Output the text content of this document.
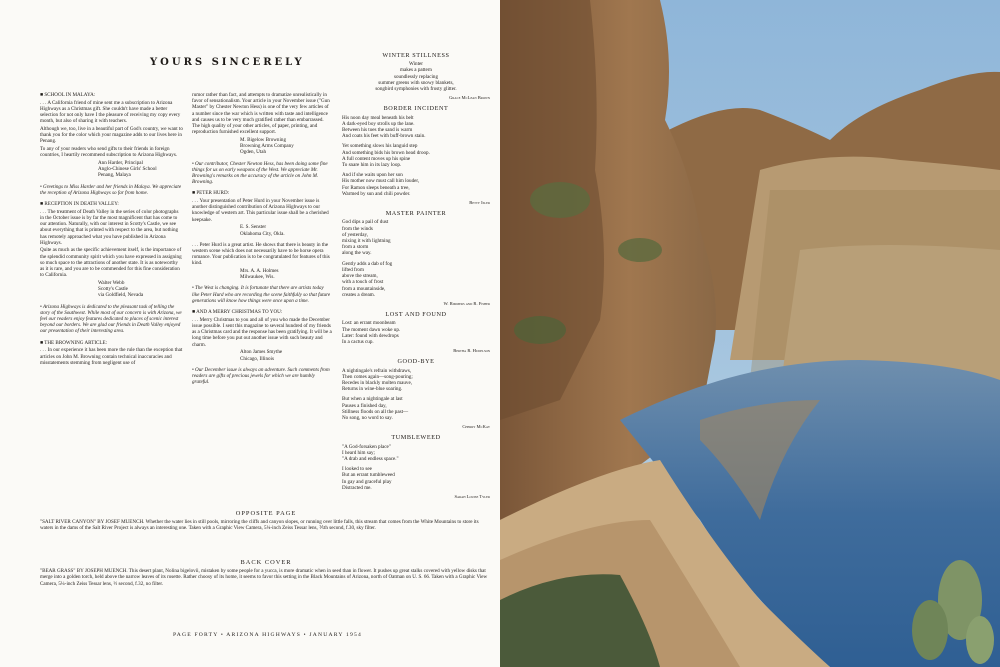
YOURS SINCERELY

■ SCHOOL IN MALAYA:

. . . A California friend of mine sent me a subscription to Arizona Highways as a Christmas gift. She couldn't have made a better selection for not only have I the pleasure of receiving my copy every month, but also of sharing it with teachers.

Although we, too, live in a beautiful part of God's country, we want to thank you for the color which your magazine adds to our lives here in Penang.

To any of your readers who send gifts to their friends in foreign countries, I heartily recommend subscription to Arizona Highways.

Ann Harder, Principal

Anglo-Chinese Girls' School

Penang, Malaya

• Greetings to Miss Harder and her friends in Malaya. We appreciate the reception of Arizona Highways so far from home.

■ RECEPTION IN DEATH VALLEY:

. . . The treatment of Death Valley in the series of color photographs in the October issue is by far the most magnificent that has come to our attention. Naturally, with our interest in Scotty's Castle, we see about everything that is printed with respect to the area, but nothing has remotely approached what you have published in Arizona Highways.

Quite as much as the specific achievement itself, is the importance of the splendid community spirit which you have expressed in assigning so much space to the attractions of another state. It is as noteworthy as it is rare, and you are to be commended for this fine consideration to California.

Walter Webb

Scotty's Castle

via Goldfield, Nevada

• Arizona Highways is dedicated to the pleasant task of telling the story of the Southwest. While most of our concern is with Arizona, we feel our readers enjoy features dedicated to places of scenic interest beyond our borders. We are glad our friends in Death Valley enjoyed our presentation of their interesting area.

■ THE BROWNING ARTICLE:

. . . In our experience it has been more the rule than the exception that articles on John M. Browning contain technical inaccuracies and misstatements stemming from negligent use of

rumor rather than fact, and attempts to dramatize unrealistically in favor of sensationalism. Your article in your November issue ("Gun Master" by Chester Newton Hess) is one of the very few articles of a number since the war which is written with taste and intelligence and causes us to be very much gratified rather than embarrassed. The high quality of your other articles, of paper, printing, and reproduction furnished excellent support.

M. Bigelow Browning

Browning Arms Company

Ogden, Utah

• Our contributor, Chester Newton Hess, has been doing some fine things for us on early weapons of the West. We appreciate Mr. Browning's remarks on the accuracy of the article on John M. Browning.

■ PETER HURD:

. . . Your presentation of Peter Hurd in your November issue is another distinguished contribution of Arizona Highways to our knowledge of western art. This particular issue shall be a cherished keepsake.

E. S. Senster

Oklahoma City, Okla.

. . . Peter Hurd is a great artist. He shows that there is beauty in the western scene which does not necessarily have to be horse opera romance. Your publication is to be congratulated for features of this kind.

Mrs. A. A. Holmes

Milwaukee, Wis.

• The West is changing. It is fortunate that there are artists today like Peter Hurd who are recording the scene faithfully so that future generations will know how things were once upon a time.

■ AND A MERRY CHRISTMAS TO YOU:

. . . Merry Christmas to you and all of you who made the December issue possible. I sent this magazine to several hundred of my friends as a Christmas card and the response has been gratifying. It will be a long time before you put out another issue with such beauty and charm.

Alton James Smythe

Chicago, Illinois

• Our December issue is always an adventure. Such comments from readers are gifts of precious jewels for which we are humbly grateful.

WINTER STILLNESS

Winter
makes a pattern
soundlessly replacing
summer greens with snowy blankets,
songbird symphonies with frosty glitter.

Grace McLean Brown

BORDER INCIDENT

His noon day meal beneath his belt
A dark-eyed boy strolls up the lane.
Between his toes the sand is warm
And coats his feet with buff-brown stain.
Yet something slows his languid step
And something bids his brown head droop.
A full content moves up his spine
To snare him in its lazy loop.
And if she waits upon her son
His mother now must call him louder,
For Ramon sleeps beneath a tree,
Warmed by sun and chili powder.

Betty Isler

MASTER PAINTER

God dips a pail of dust
from the winds
of yesterday,
mixing it with lightning
from a storm
along the way.
Gently adds a dab of fog
lifted from
above the stream,
with a touch of frost
from a mountainside,
creates a dream.

W. Rimmers and R. Fisher

LOST AND FOUND

Lost: an errant moonbeam
The moment dawn woke up.
Later: found with dewdrops
In a cactus cup.

Bertha R. Hudelson

GOOD-BYE

A nightingale's refrain withdraws,
Then comes again—song-pouring;
Recedes in blackly molten mauve,
Returns in wine-blue soaring.
But when a nightingale at last
Pauses a finished day,
Stillness floods on all the past—
No song, no word to say.

Cherry McKay

TUMBLEWEED

"A God-forsaken place"
I heard him say;
"A drab and endless space."
I looked to see
But an errant tumbleweed
In gay and graceful play
Distracted me.

Sarah Louise Tyler

OPPOSITE PAGE

"SALT RIVER CANYON" BY JOSEF MUENCH. Whether the water lies in still pools, mirroring the cliffs and canyon slopes, or running over little falls, this stream that comes from the White Mountains to store its waters in the dams of the Salt River Project is always an interesting one. Taken with a Graphic View Camera, 5¼-inch Zeiss Tessar lens, ⅕th second, f.30, sky filter.

BACK COVER

"BEAR GRASS" BY JOSEPH MUENCH. This desert plant, Nolina bigelovii, mistaken by some people for a yucca, is more dramatic when in seed than in flower. It pushes up great stalks covered with yellow disks that merge into a golden torch, held above the narrow leaves of its rosette. Rather choosy of its home, it seems to favor this setting in the Black Mountains of Arizona, north of Oatman on U. S. 66. Taken with a Graphic View Camera, 5¼-inch Zeiss Tessar lens, ½ second, f.32, no filter.

PAGE FORTY • ARIZONA HIGHWAYS • JANUARY 1954
